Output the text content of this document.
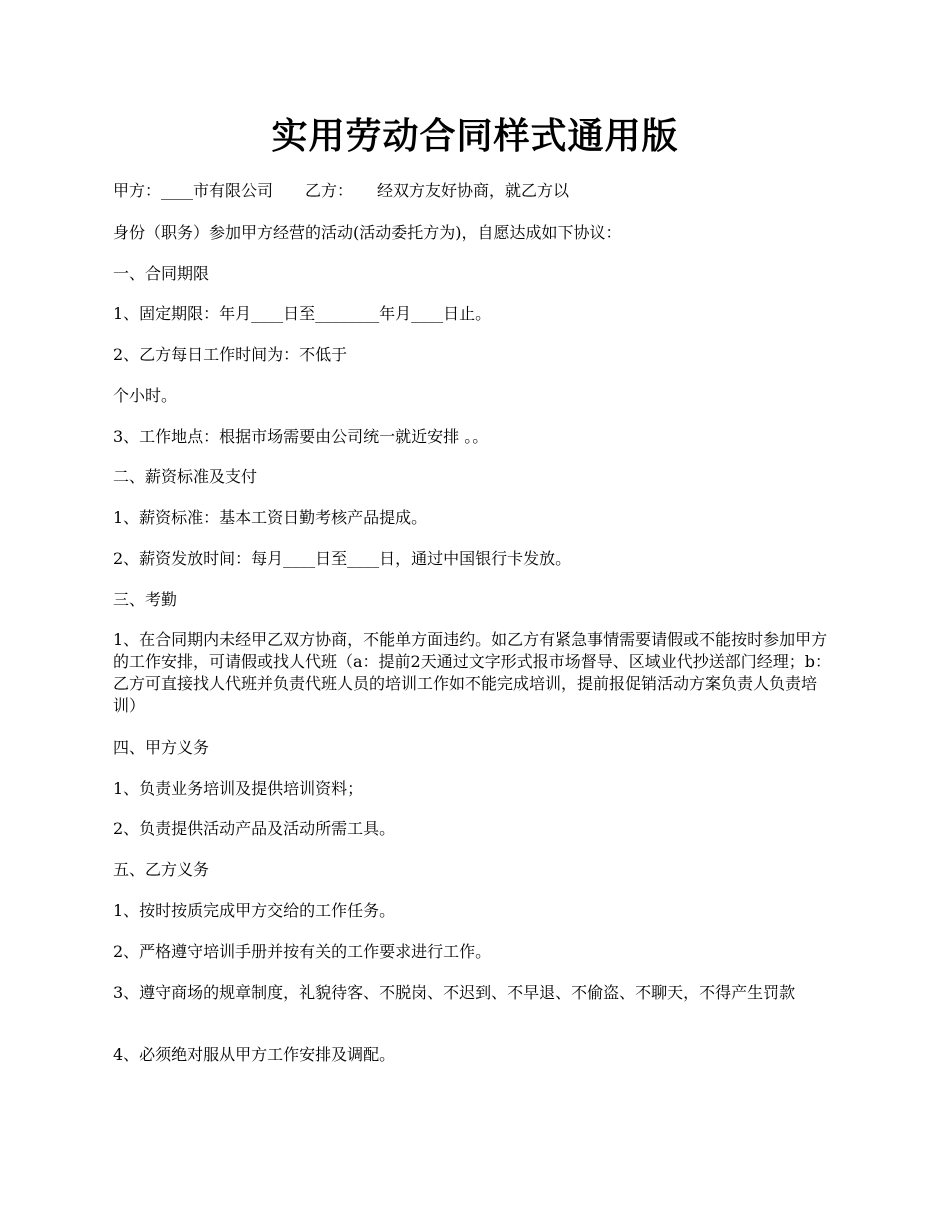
实用劳动合同样式通用版

甲方：____市有限公司　　乙方：　　经双方友好协商，就乙方以

身份（职务）参加甲方经营的活动(活动委托方为)，自愿达成如下协议：

一、合同期限

1、固定期限：年月____日至________年月____日止。

2、乙方每日工作时间为：不低于

个小时。

3、工作地点：根据市场需要由公司统一就近安排 。。

二、薪资标准及支付

1、薪资标准：基本工资日勤考核产品提成。

2、薪资发放时间：每月____日至____日，通过中国银行卡发放。

三、考勤

1、在合同期内未经甲乙双方协商，不能单方面违约。如乙方有紧急事情需要请假或不能按时参加甲方的工作安排，可请假或找人代班（a：提前2天通过文字形式报市场督导、区域业代抄送部门经理；b：乙方可直接找人代班并负责代班人员的培训工作如不能完成培训，提前报促销活动方案负责人负责培训）

四、甲方义务

1、负责业务培训及提供培训资料；

2、负责提供活动产品及活动所需工具。

五、乙方义务

1、按时按质完成甲方交给的工作任务。

2、严格遵守培训手册并按有关的工作要求进行工作。

3、遵守商场的规章制度，礼貌待客、不脱岗、不迟到、不早退、不偷盗、不聊天，不得产生罚款

4、必须绝对服从甲方工作安排及调配。
